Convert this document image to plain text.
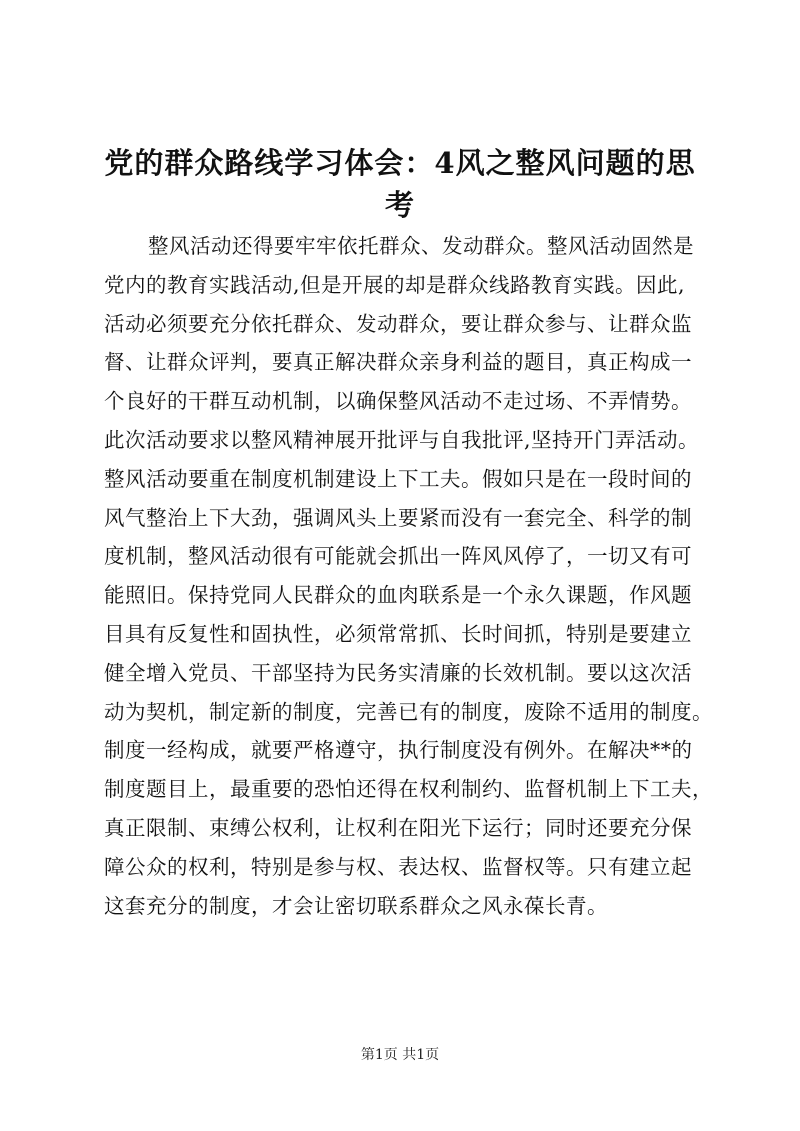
党的群众路线学习体会：4风之整风问题的思
考
整风活动还得要牢牢依托群众、发动群众。整风活动固然是
党内的教育实践活动,但是开展的却是群众线路教育实践。因此,
活动必须要充分依托群众、发动群众，要让群众参与、让群众监
督、让群众评判，要真正解决群众亲身利益的题目，真正构成一
个良好的干群互动机制，以确保整风活动不走过场、不弄情势。
此次活动要求以整风精神展开批评与自我批评,坚持开门弄活动。
整风活动要重在制度机制建设上下工夫。假如只是在一段时间的
风气整治上下大劲，强调风头上要紧而没有一套完全、科学的制
度机制，整风活动很有可能就会抓出一阵风风停了，一切又有可
能照旧。保持党同人民群众的血肉联系是一个永久课题，作风题
目具有反复性和固执性，必须常常抓、长时间抓，特别是要建立
健全增入党员、干部坚持为民务实清廉的长效机制。要以这次活
动为契机，制定新的制度，完善已有的制度，废除不适用的制度。
制度一经构成，就要严格遵守，执行制度没有例外。在解决**的
制度题目上，最重要的恐怕还得在权利制约、监督机制上下工夫，
真正限制、束缚公权利，让权利在阳光下运行；同时还要充分保
障公众的权利，特别是参与权、表达权、监督权等。只有建立起
这套充分的制度，才会让密切联系群众之风永葆长青。
第1页 共1页
